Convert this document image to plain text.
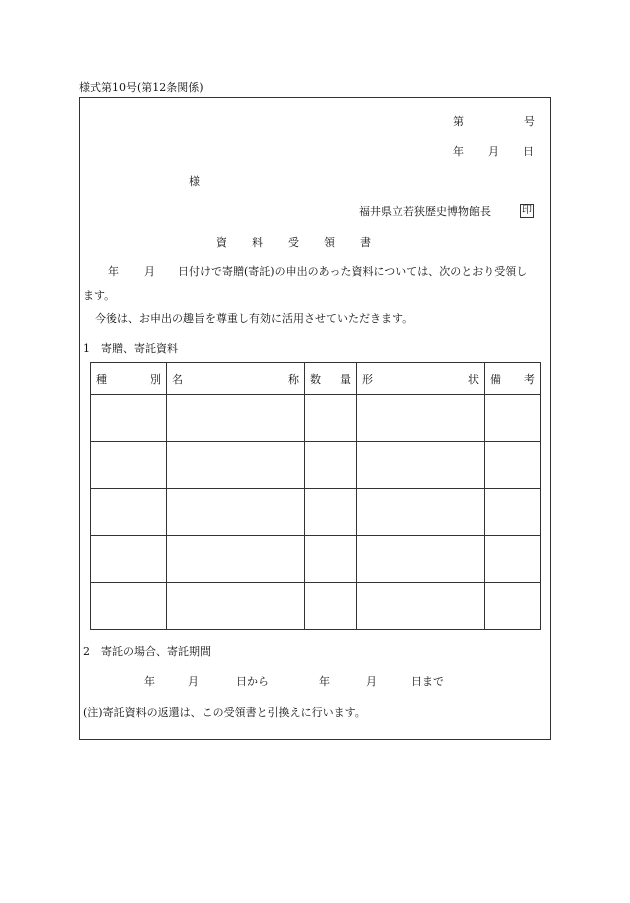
様式第10号(第12条関係)
第	号
年 月 日
様
福井県立若狭歴史博物館長	印
資　　料　　受　　領　　書
年 月 日付けで寄贈(寄託)の申出のあった資料については、次のとおり受領し
ます。
今後は、お申出の趣旨を尊重し有効に活用させていただきます。
1　寄贈、寄託資料
種 別	名 称	数 量	形 状	備 考

2　寄託の場合、寄託期間
年	月	日から	年	月	日まで
(注)寄託資料の返還は、この受領書と引換えに行います。
